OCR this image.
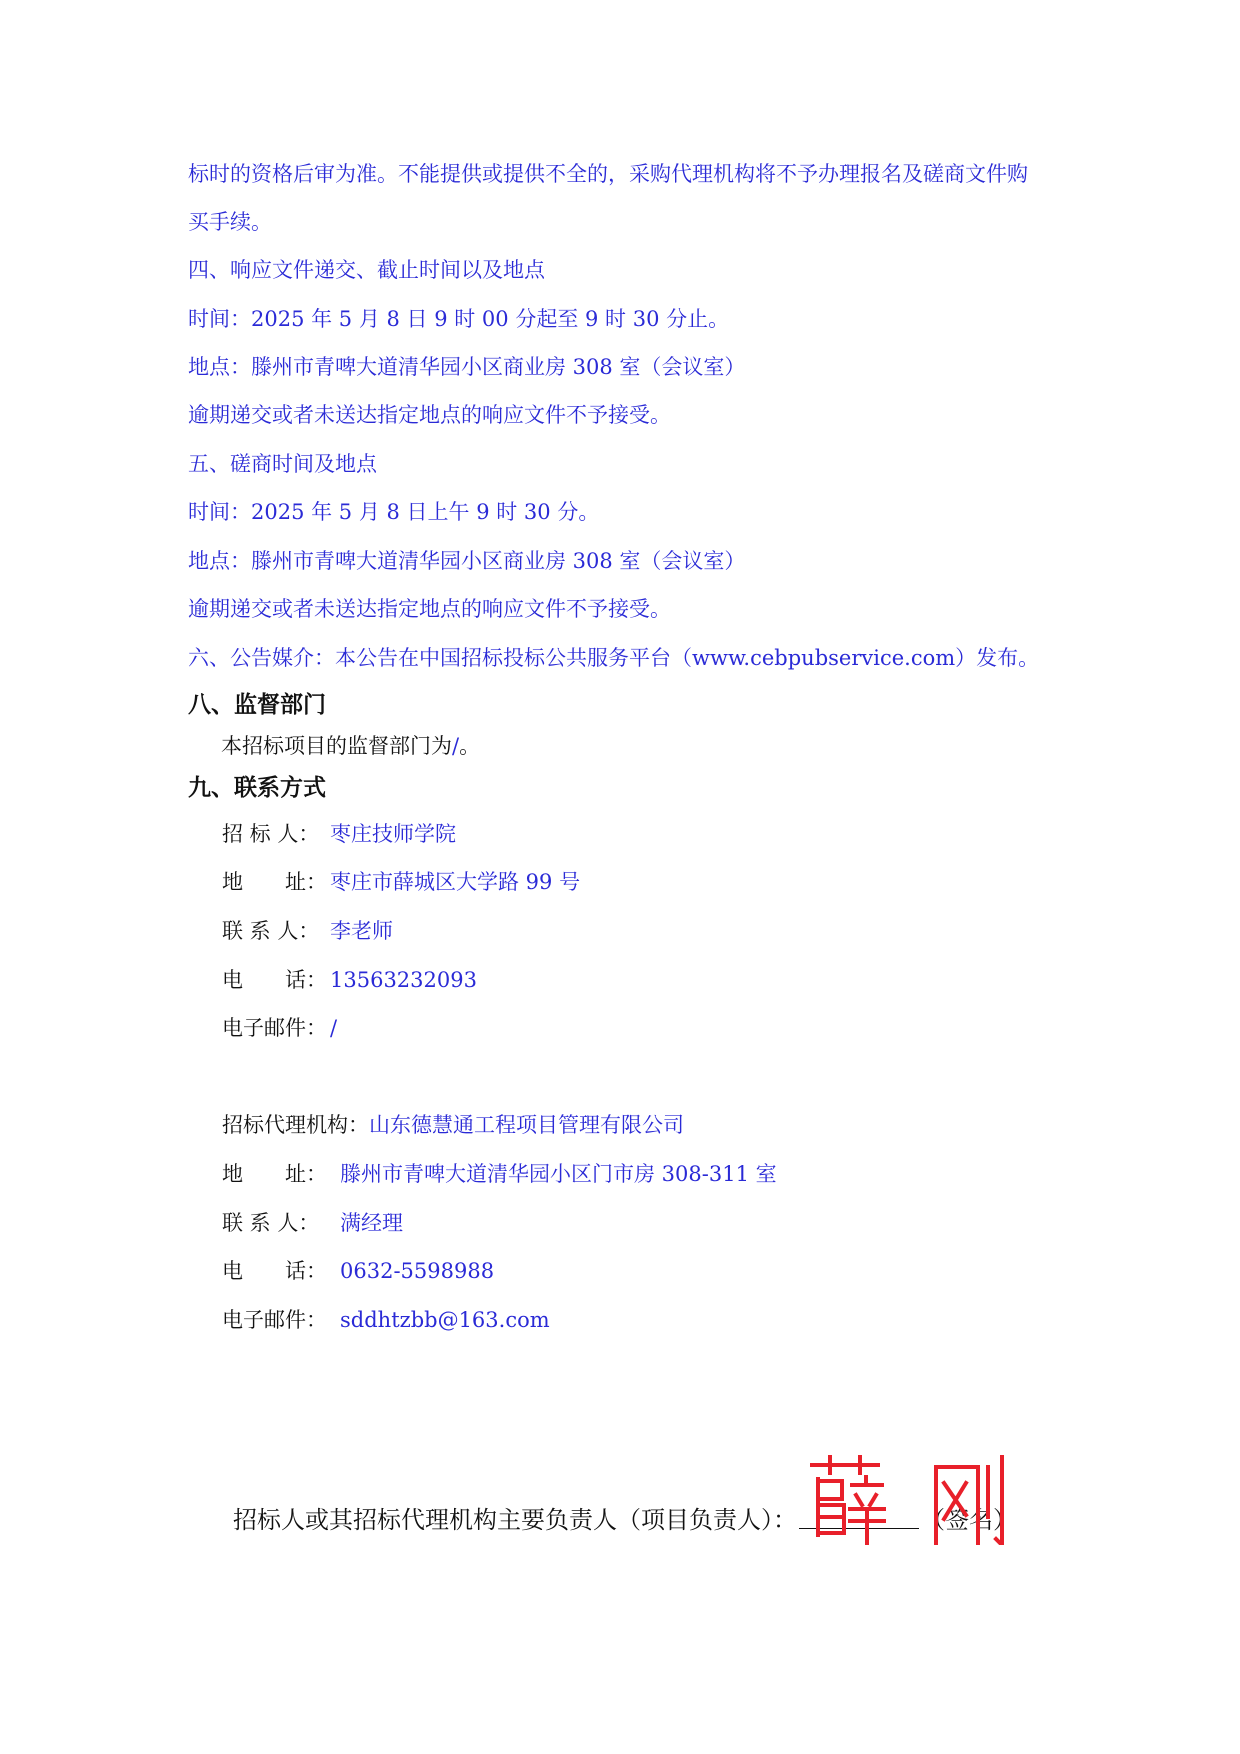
标时的资格后审为准。不能提供或提供不全的，采购代理机构将不予办理报名及磋商文件购
买手续。
四、响应文件递交、截止时间以及地点
时间：2025 年 5 月 8 日 9 时 00 分起至 9 时 30 分止。
地点：滕州市青啤大道清华园小区商业房 308 室（会议室）
逾期递交或者未送达指定地点的响应文件不予接受。
五、磋商时间及地点
时间：2025 年 5 月 8 日上午 9 时 30 分。
地点：滕州市青啤大道清华园小区商业房 308 室（会议室）
逾期递交或者未送达指定地点的响应文件不予接受。
六、公告媒介：本公告在中国招标投标公共服务平台（www.cebpubservice.com）发布。
八、监督部门
本招标项目的监督部门为/。
九、联系方式
招 标 人： 枣庄技师学院
地　　址： 枣庄市薛城区大学路 99 号
联 系 人： 李老师
电　　话： 13563232093
电子邮件： /
招标代理机构： 山东德慧通工程项目管理有限公司
地　　址： 滕州市青啤大道清华园小区门市房 308-311 室
联 系 人： 满经理
电　　话： 0632-5598988
电子邮件： sddhtzbb@163.com
招标人或其招标代理机构主要负责人（项目负责人）：	（签名）
